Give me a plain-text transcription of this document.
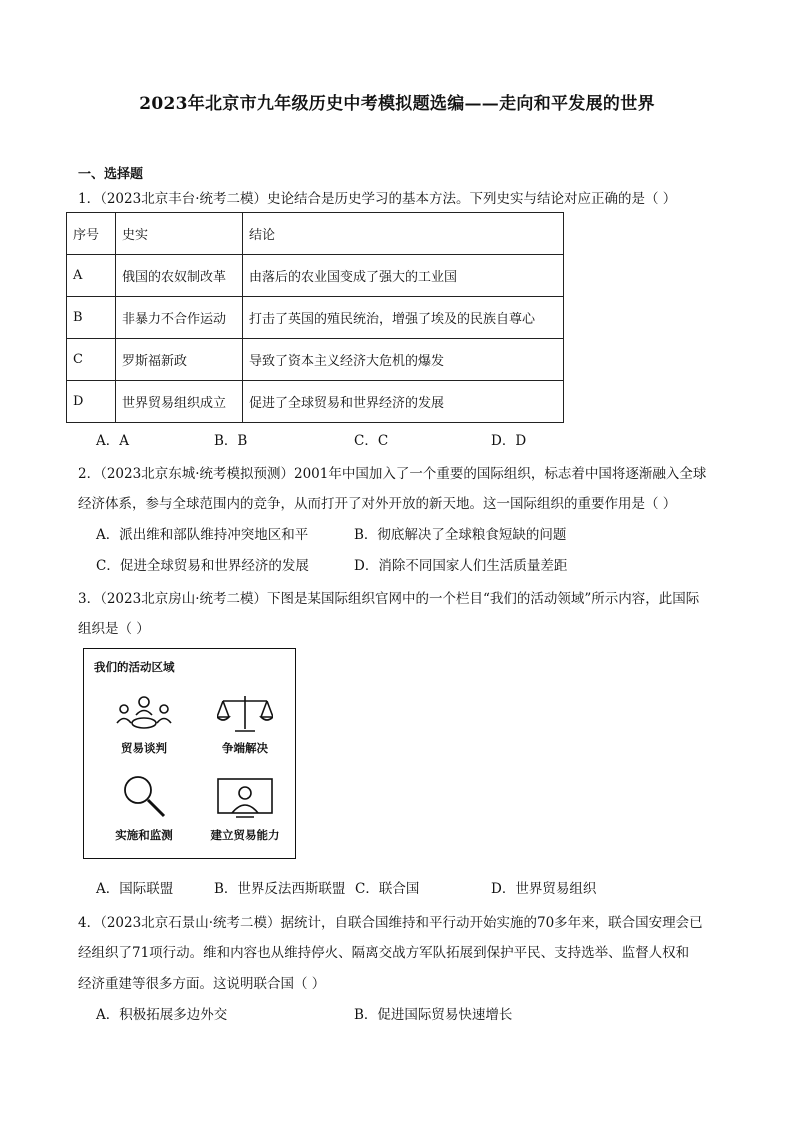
2023年北京市九年级历史中考模拟题选编——走向和平发展的世界
一、选择题
1．（2023北京丰台·统考二模）史论结合是历史学习的基本方法。下列史实与结论对应正确的是（ ）
序号	史实	结论
A	俄国的农奴制改革	由落后的农业国变成了强大的工业国
B	非暴力不合作运动	打击了英国的殖民统治，增强了埃及的民族自尊心
C	罗斯福新政	导致了资本主义经济大危机的爆发
D	世界贸易组织成立	促进了全球贸易和世界经济的发展
A．A	B．B	C．C	D．D
2．（2023北京东城·统考模拟预测）2001年中国加入了一个重要的国际组织，标志着中国将逐渐融入全球
经济体系，参与全球范围内的竞争，从而打开了对外开放的新天地。这一国际组织的重要作用是（ ）
A．派出维和部队维持冲突地区和平	B．彻底解决了全球粮食短缺的问题
C．促进全球贸易和世界经济的发展	D．消除不同国家人们生活质量差距
3．（2023北京房山·统考二模）下图是某国际组织官网中的一个栏目“我们的活动领域”所示内容，此国际
组织是（ ）
我们的活动区域
贸易谈判	争端解决
实施和监测	建立贸易能力
A．国际联盟	B．世界反法西斯联盟 C．联合国	D．世界贸易组织
4．（2023北京石景山·统考二模）据统计，自联合国维持和平行动开始实施的70多年来，联合国安理会已
经组织了71项行动。维和内容也从维持停火、隔离交战方军队拓展到保护平民、支持选举、监督人权和
经济重建等很多方面。这说明联合国（ ）
A．积极拓展多边外交	B．促进国际贸易快速增长
